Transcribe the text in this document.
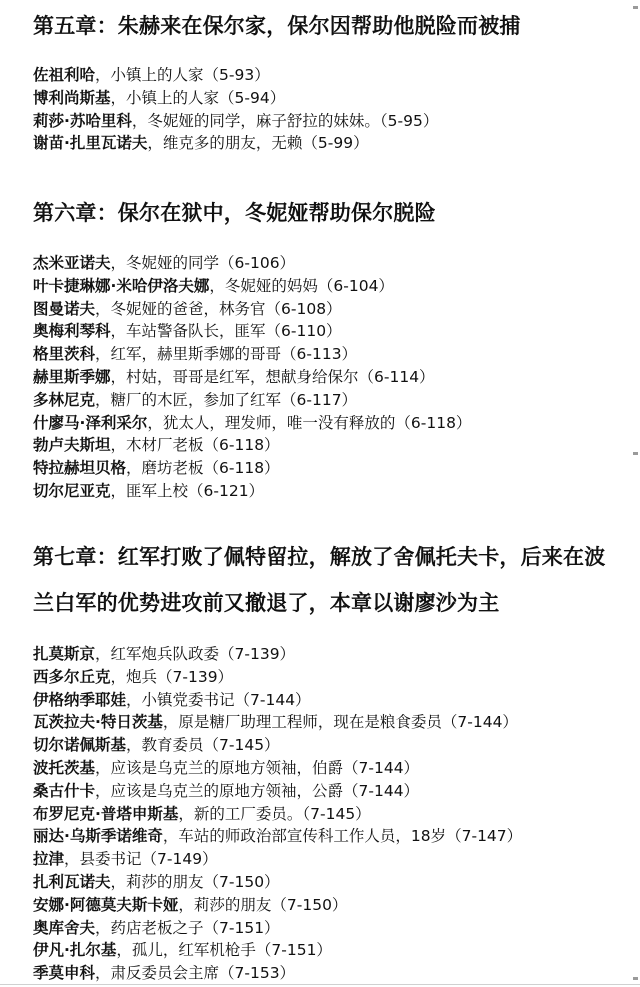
第五章：朱赫来在保尔家，保尔因帮助他脱险而被捕
佐祖利哈，小镇上的人家（5-93）
博利尚斯基，小镇上的人家（5-94）
莉莎·苏哈里科，冬妮娅的同学，麻子舒拉的妹妹。（5-95）
谢苗·扎里瓦诺夫，维克多的朋友，无赖（5-99）
第六章：保尔在狱中，冬妮娅帮助保尔脱险
杰米亚诺夫，冬妮娅的同学（6-106）
叶卡捷琳娜·米哈伊洛夫娜，冬妮娅的妈妈（6-104）
图曼诺夫，冬妮娅的爸爸，林务官（6-108）
奥梅利琴科，车站警备队长，匪军（6-110）
格里茨科，红军，赫里斯季娜的哥哥（6-113）
赫里斯季娜，村姑，哥哥是红军，想献身给保尔（6-114）
多林尼克，糖厂的木匠，参加了红军（6-117）
什廖马·泽利采尔，犹太人，理发师，唯一没有释放的（6-118）
勃卢夫斯坦，木材厂老板（6-118）
特拉赫坦贝格，磨坊老板（6-118）
切尔尼亚克，匪军上校（6-121）
第七章：红军打败了佩特留拉，解放了舍佩托夫卡，后来在波
兰白军的优势进攻前又撤退了，本章以谢廖沙为主
扎莫斯京，红军炮兵队政委（7-139）
西多尔丘克，炮兵（7-139）
伊格纳季耶娃，小镇党委书记（7-144）
瓦茨拉夫·特日茨基，原是糖厂助理工程师，现在是粮食委员（7-144）
切尔诺佩斯基，教育委员（7-145）
波托茨基，应该是乌克兰的原地方领袖，伯爵（7-144）
桑古什卡，应该是乌克兰的原地方领袖，公爵（7-144）
布罗尼克·普塔申斯基，新的工厂委员。（7-145）
丽达·乌斯季诺维奇，车站的师政治部宣传科工作人员，18岁（7-147）
拉津，县委书记（7-149）
扎利瓦诺夫，莉莎的朋友（7-150）
安娜·阿德莫夫斯卡娅，莉莎的朋友（7-150）
奥库舍夫，药店老板之子（7-151）
伊凡·扎尔基，孤儿，红军机枪手（7-151）
季莫申科，肃反委员会主席（7-153）
